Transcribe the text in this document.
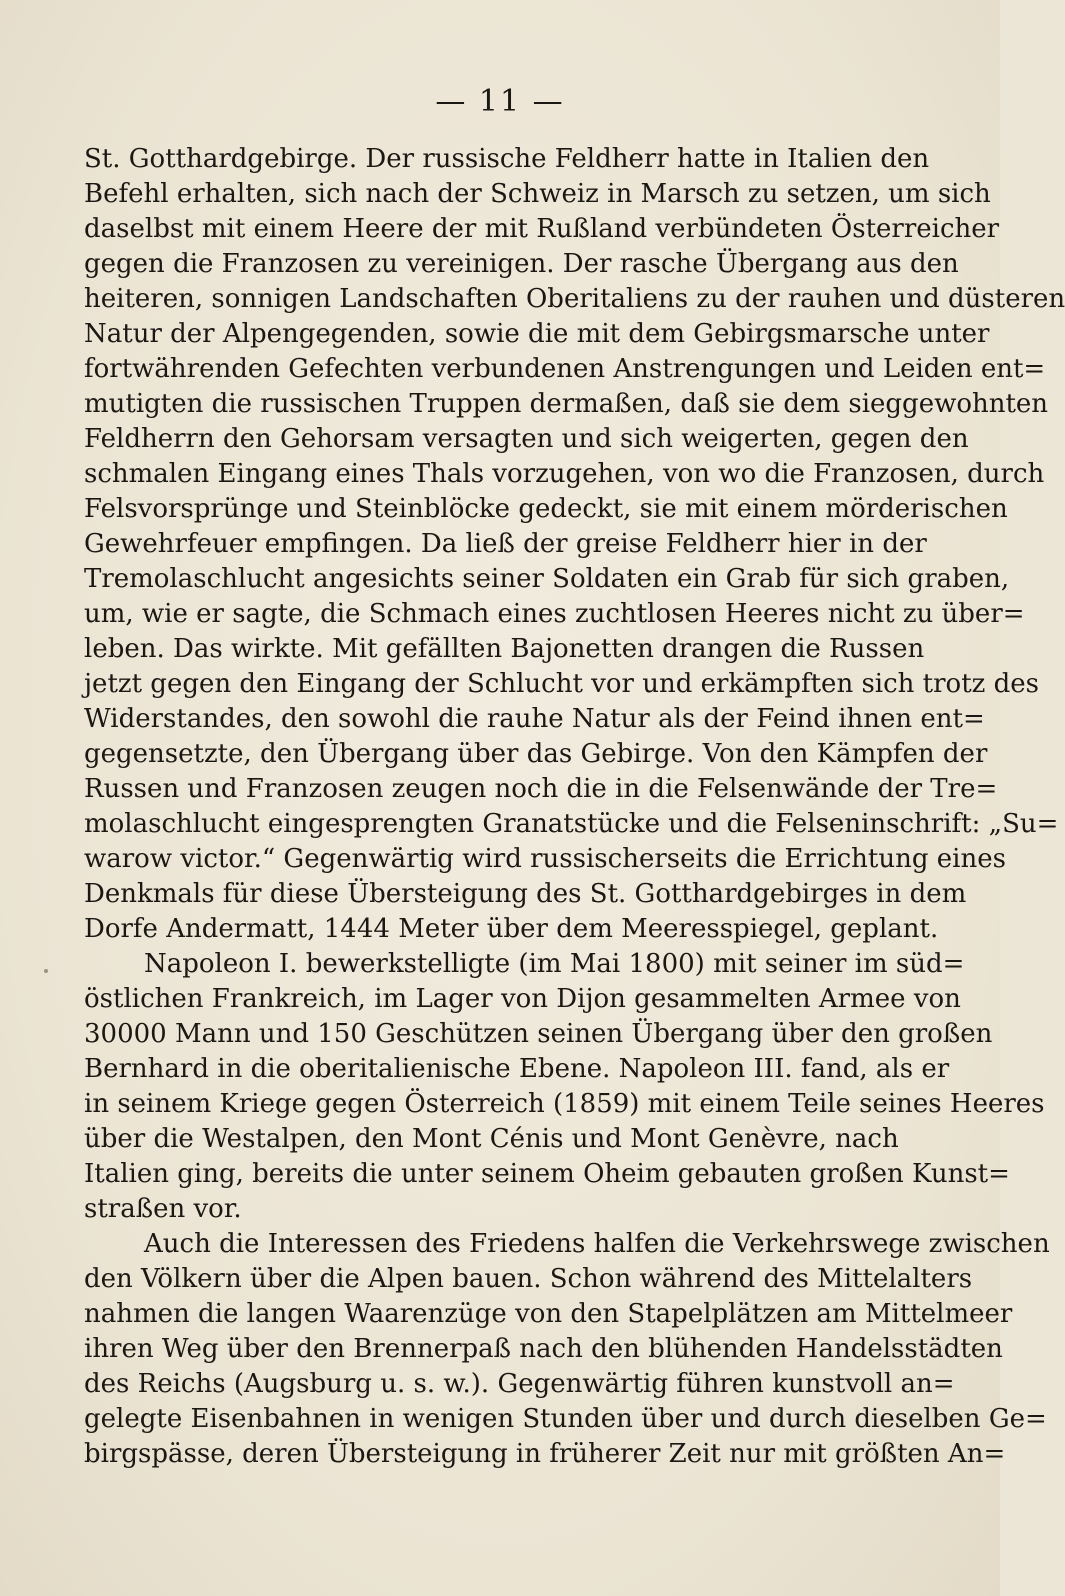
— 11 —
St. Gotthardgebirge. Der russische Feldherr hatte in Italien den
Befehl erhalten, sich nach der Schweiz in Marsch zu setzen, um sich
daselbst mit einem Heere der mit Rußland verbündeten Österreicher
gegen die Franzosen zu vereinigen. Der rasche Übergang aus den
heiteren, sonnigen Landschaften Oberitaliens zu der rauhen und düsteren
Natur der Alpengegenden, sowie die mit dem Gebirgsmarsche unter
fortwährenden Gefechten verbundenen Anstrengungen und Leiden ent=
mutigten die russischen Truppen dermaßen, daß sie dem sieggewohnten
Feldherrn den Gehorsam versagten und sich weigerten, gegen den
schmalen Eingang eines Thals vorzugehen, von wo die Franzosen, durch
Felsvorsprünge und Steinblöcke gedeckt, sie mit einem mörderischen
Gewehrfeuer empfingen. Da ließ der greise Feldherr hier in der
Tremolaschlucht angesichts seiner Soldaten ein Grab für sich graben,
um, wie er sagte, die Schmach eines zuchtlosen Heeres nicht zu über=
leben. Das wirkte. Mit gefällten Bajonetten drangen die Russen
jetzt gegen den Eingang der Schlucht vor und erkämpften sich trotz des
Widerstandes, den sowohl die rauhe Natur als der Feind ihnen ent=
gegensetzte, den Übergang über das Gebirge. Von den Kämpfen der
Russen und Franzosen zeugen noch die in die Felsenwände der Tre=
molaschlucht eingesprengten Granatstücke und die Felseninschrift: „Su=
warow victor.“ Gegenwärtig wird russischerseits die Errichtung eines
Denkmals für diese Übersteigung des St. Gotthardgebirges in dem
Dorfe Andermatt, 1444 Meter über dem Meeresspiegel, geplant.
Napoleon I. bewerkstelligte (im Mai 1800) mit seiner im süd=
östlichen Frankreich, im Lager von Dijon gesammelten Armee von
30000 Mann und 150 Geschützen seinen Übergang über den großen
Bernhard in die oberitalienische Ebene. Napoleon III. fand, als er
in seinem Kriege gegen Österreich (1859) mit einem Teile seines Heeres
über die Westalpen, den Mont Cénis und Mont Genèvre, nach
Italien ging, bereits die unter seinem Oheim gebauten großen Kunst=
straßen vor.
Auch die Interessen des Friedens halfen die Verkehrswege zwischen
den Völkern über die Alpen bauen. Schon während des Mittelalters
nahmen die langen Waarenzüge von den Stapelplätzen am Mittelmeer
ihren Weg über den Brennerpaß nach den blühenden Handelsstädten
des Reichs (Augsburg u. s. w.). Gegenwärtig führen kunstvoll an=
gelegte Eisenbahnen in wenigen Stunden über und durch dieselben Ge=
birgspässe, deren Übersteigung in früherer Zeit nur mit größten An=
